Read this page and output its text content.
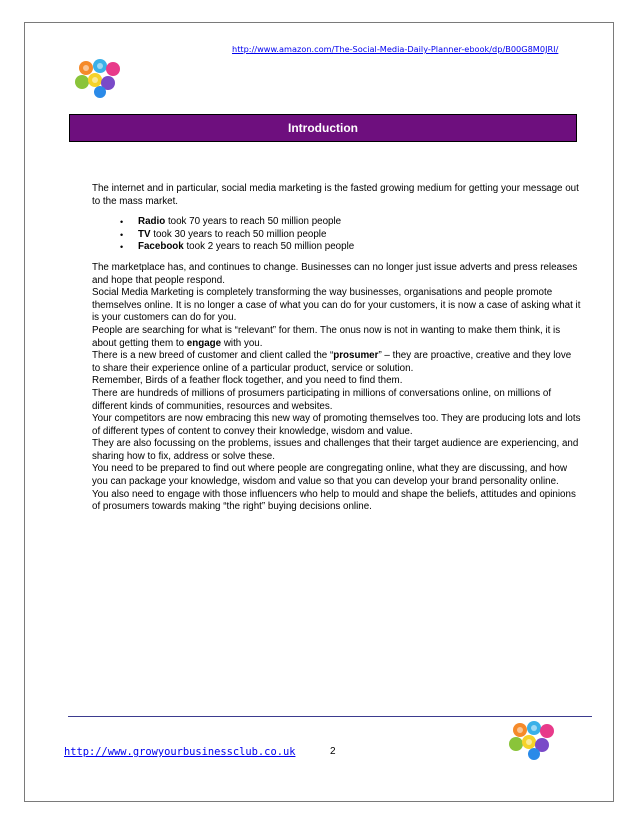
http://www.amazon.com/The-Social-Media-Daily-Planner-ebook/dp/B00G8M0JRI/
Introduction

The internet and in particular, social media marketing is the fasted growing medium for getting your message out to the mass market.

• Radio took 70 years to reach 50 million people
• TV took 30 years to reach 50 million people
• Facebook took 2 years to reach 50 million people

The marketplace has, and continues to change. Businesses can no longer just issue adverts and press releases and hope that people respond.

Social Media Marketing is completely transforming the way businesses, organisations and people promote themselves online. It is no longer a case of what you can do for your customers, it is now a case of asking what it is your customers can do for you.

People are searching for what is “relevant” for them. The onus now is not in wanting to make them think, it is about getting them to engage with you.

There is a new breed of customer and client called the “prosumer” – they are proactive, creative and they love to share their experience online of a particular product, service or solution.

Remember, Birds of a feather flock together, and you need to find them.

There are hundreds of millions of prosumers participating in millions of conversations online, on millions of different kinds of communities, resources and websites.

Your competitors are now embracing this new way of promoting themselves too. They are producing lots and lots of different types of content to convey their knowledge, wisdom and value.

They are also focussing on the problems, issues and challenges that their target audience are experiencing, and sharing how to fix, address or solve these.

You need to be prepared to find out where people are congregating online, what they are discussing, and how you can package your knowledge, wisdom and value so that you can develop your brand personality online.

You also need to engage with those influencers who help to mould and shape the beliefs, attitudes and opinions of prosumers towards making “the right” buying decisions online.

http://www.growyourbusinessclub.co.uk	2
